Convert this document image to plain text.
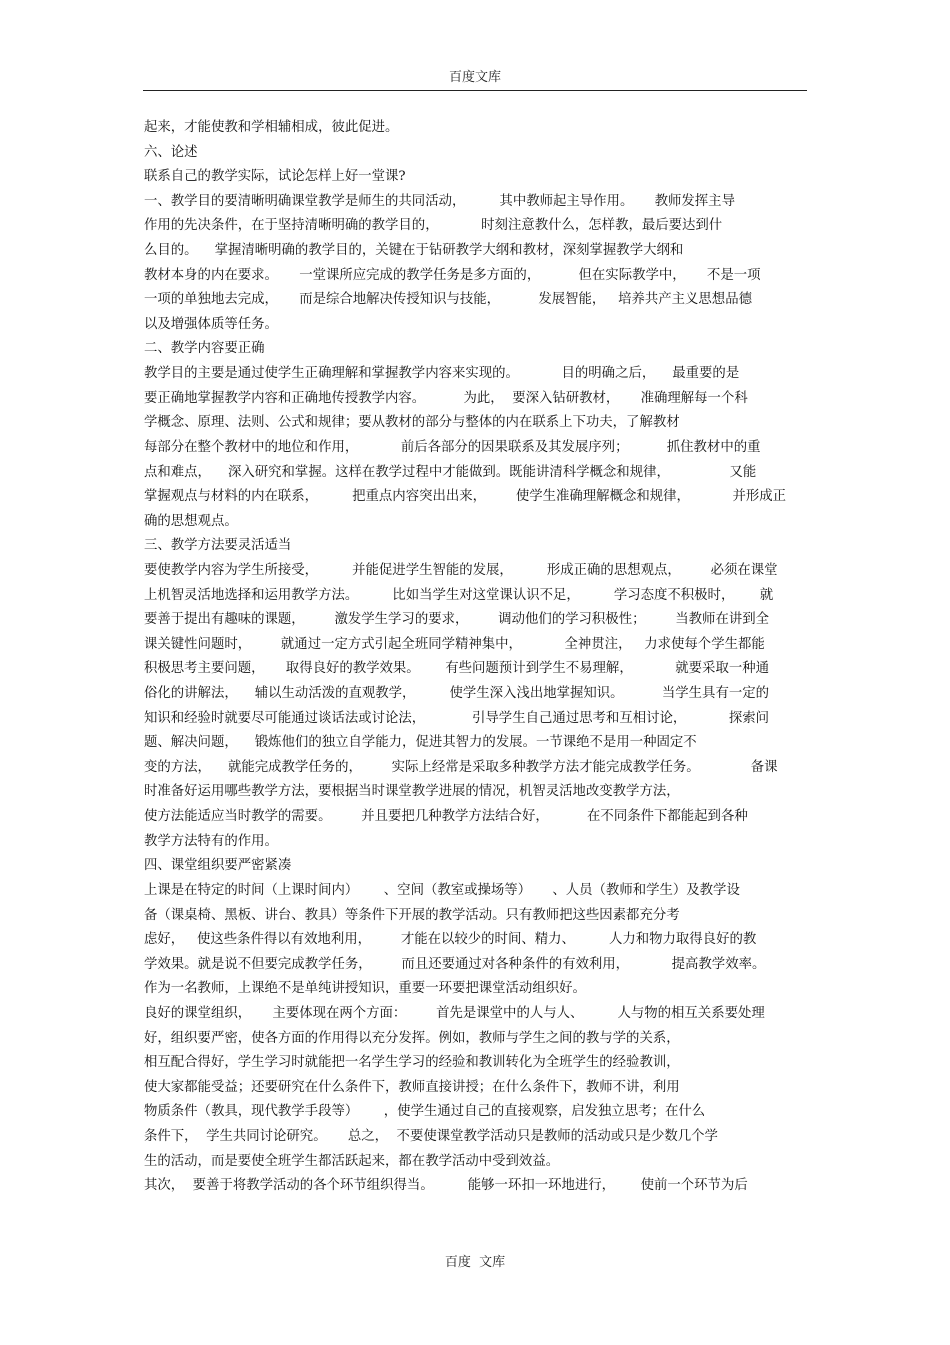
百度文库
起来，才能使教和学相辅相成，彼此促进。
六、论述
联系自己的教学实际，试论怎样上好一堂课?
一、教学目的要清晰明确课堂教学是师生的共同活动，        其中教师起主导作用。     教师发挥主导
作用的先决条件，在于坚持清晰明确的教学目的，          时刻注意教什么，怎样教，最后要达到什
么目的。    掌握清晰明确的教学目的，关键在于钻研教学大纲和教材，深刻掌握教学大纲和
教材本身的内在要求。     一堂课所应完成的教学任务是多方面的，         但在实际教学中，     不是一项
一项的单独地去完成，     而是综合地解决传授知识与技能，         发展智能，   培养共产主义思想品德
以及增强体质等任务。
二、教学内容要正确
教学目的主要是通过使学生正确理解和掌握教学内容来实现的。          目的明确之后，    最重要的是
要正确地掌握教学内容和正确地传授教学内容。         为此，  要深入钻研教材，     准确理解每一个科
学概念、原理、法则、公式和规律；要从教材的部分与整体的内在联系上下功夫，了解教材
每部分在整个教材中的地位和作用，          前后各部分的因果联系及其发展序列；         抓住教材中的重
点和难点，    深入研究和掌握。这样在教学过程中才能做到。既能讲清科学概念和规律，              又能
掌握观点与材料的内在联系，        把重点内容突出出来，       使学生准确理解概念和规律，          并形成正
确的思想观点。
三、教学方法要灵活适当
要使教学内容为学生所接受，        并能促进学生智能的发展，        形成正确的思想观点，       必须在课堂
上机智灵活地选择和运用教学方法。        比如当学生对这堂课认识不足，        学习态度不积极时，      就
要善于提出有趣味的课题，       激发学生学习的要求，       调动他们的学习积极性；       当教师在讲到全
课关键性问题时，       就通过一定方式引起全班同学精神集中，          全神贯注，   力求使每个学生都能
积极思考主要问题，     取得良好的教学效果。      有些问题预计到学生不易理解，          就要采取一种通
俗化的讲解法，    辅以生动活泼的直观教学，        使学生深入浅出地掌握知识。         当学生具有一定的
知识和经验时就要尽可能通过谈话法或讨论法，           引导学生自己通过思考和互相讨论，          探索问
题、解决问题，    锻炼他们的独立自学能力，促进其智力的发展。一节课绝不是用一种固定不
变的方法，    就能完成教学任务的，       实际上经常是采取多种教学方法才能完成教学任务。            备课
时准备好运用哪些教学方法，要根据当时课堂教学进展的情况，机智灵活地改变教学方法，
使方法能适应当时教学的需要。       并且要把几种教学方法结合好，         在不同条件下都能起到各种
教学方法特有的作用。
四、课堂组织要严密紧凑
上课是在特定的时间（上课时间内）      、空间（教室或操场等）     、人员（教师和学生）及教学设
备（课桌椅、黑板、讲台、教具）等条件下开展的教学活动。只有教师把这些因素都充分考
虑好，   使这些条件得以有效地利用，       才能在以较少的时间、精力、        人力和物力取得良好的教
学效果。就是说不但要完成教学任务，       而且还要通过对各种条件的有效利用，          提高教学效率。
作为一名教师，上课绝不是单纯讲授知识，重要一环要把课堂活动组织好。
良好的课堂组织，     主要体现在两个方面：       首先是课堂中的人与人、        人与物的相互关系要处理
好，组织要严密，使各方面的作用得以充分发挥。例如，教师与学生之间的教与学的关系，
相互配合得好，学生学习时就能把一名学生学习的经验和教训转化为全班学生的经验教训，
使大家都能受益；还要研究在什么条件下，教师直接讲授；在什么条件下，教师不讲，利用
物质条件（教具，现代教学手段等）      ，使学生通过自己的直接观察，启发独立思考；在什么
条件下，  学生共同讨论研究。     总之，  不要使课堂教学活动只是教师的活动或只是少数几个学
生的活动，而是要使全班学生都活跃起来，都在教学活动中受到效益。
其次，  要善于将教学活动的各个环节组织得当。        能够一环扣一环地进行，      使前一个环节为后
百度  文库
